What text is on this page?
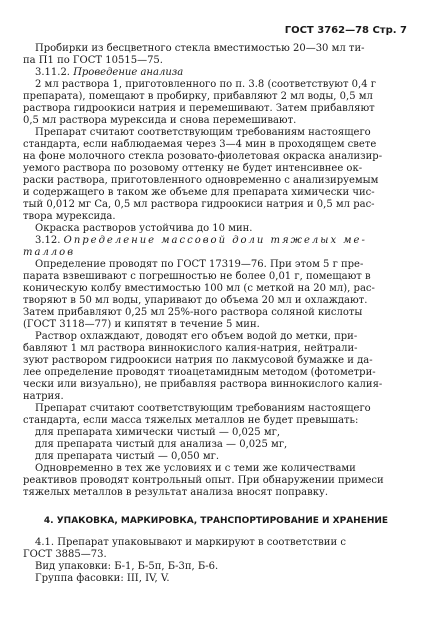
ГОСТ 3762—78 Стр. 7

Пробирки из бесцветного стекла вместимостью 20—30 мл ти-
па П1 по ГОСТ 10515—75.

3.11.2. Проведение анализа

2 мл раствора 1, приготовленного по п. 3.8 (соответствуют 0,4 г
препарата), помещают в пробирку, прибавляют 2 мл воды, 0,5 мл
раствора гидроокиси натрия и перемешивают. Затем прибавляют
0,5 мл раствора мурексида и снова перемешивают.

Препарат считают соответствующим требованиям настоящего
стандарта, если наблюдаемая через 3—4 мин в проходящем свете
на фоне молочного стекла розовато-фиолетовая окраска анализир-
уемого раствора по розовому оттенку не будет интенсивнее ок-
раски раствора, приготовленного одновременно с анализируемым
и содержащего в таком же объеме для препарата химически чис-
тый 0,012 мг Ca, 0,5 мл раствора гидроокиси натрия и 0,5 мл рас-
твора мурексида.

Окраска растворов устойчива до 10 мин.

3.12. Определение массовой доли тяжелых ме-
таллов

Определение проводят по ГОСТ 17319—76. При этом 5 г пре-
парата взвешивают с погрешностью не более 0,01 г, помещают в
коническую колбу вместимостью 100 мл (с меткой на 20 мл), рас-
творяют в 50 мл воды, упаривают до объема 20 мл и охлаждают.
Затем прибавляют 0,25 мл 25%-ного раствора соляной кислоты
(ГОСТ 3118—77) и кипятят в течение 5 мин.

Раствор охлаждают, доводят его объем водой до метки, при-
бавляют 1 мл раствора виннокислого калия-натрия, нейтрали-
зуют раствором гидроокиси натрия по лакмусовой бумажке и да-
лее определение проводят тиоацетамидным методом (фотометри-
чески или визуально), не прибавляя раствора виннокислого калия-
натрия.

Препарат считают соответствующим требованиям настоящего
стандарта, если масса тяжелых металлов не будет превышать:

для препарата химически чистый — 0,025 мг,
для препарата чистый для анализа — 0,025 мг,
для препарата чистый — 0,050 мг.

Одновременно в тех же условиях и с теми же количествами
реактивов проводят контрольный опыт. При обнаружении примеси
тяжелых металлов в результат анализа вносят поправку.

4. УПАКОВКА, МАРКИРОВКА, ТРАНСПОРТИРОВАНИЕ И ХРАНЕНИЕ

4.1. Препарат упаковывают и маркируют в соответствии с
ГОСТ 3885—73.

Вид упаковки: Б-1, Б-5п, Б-3п, Б-6.

Группа фасовки: III, IV, V.
